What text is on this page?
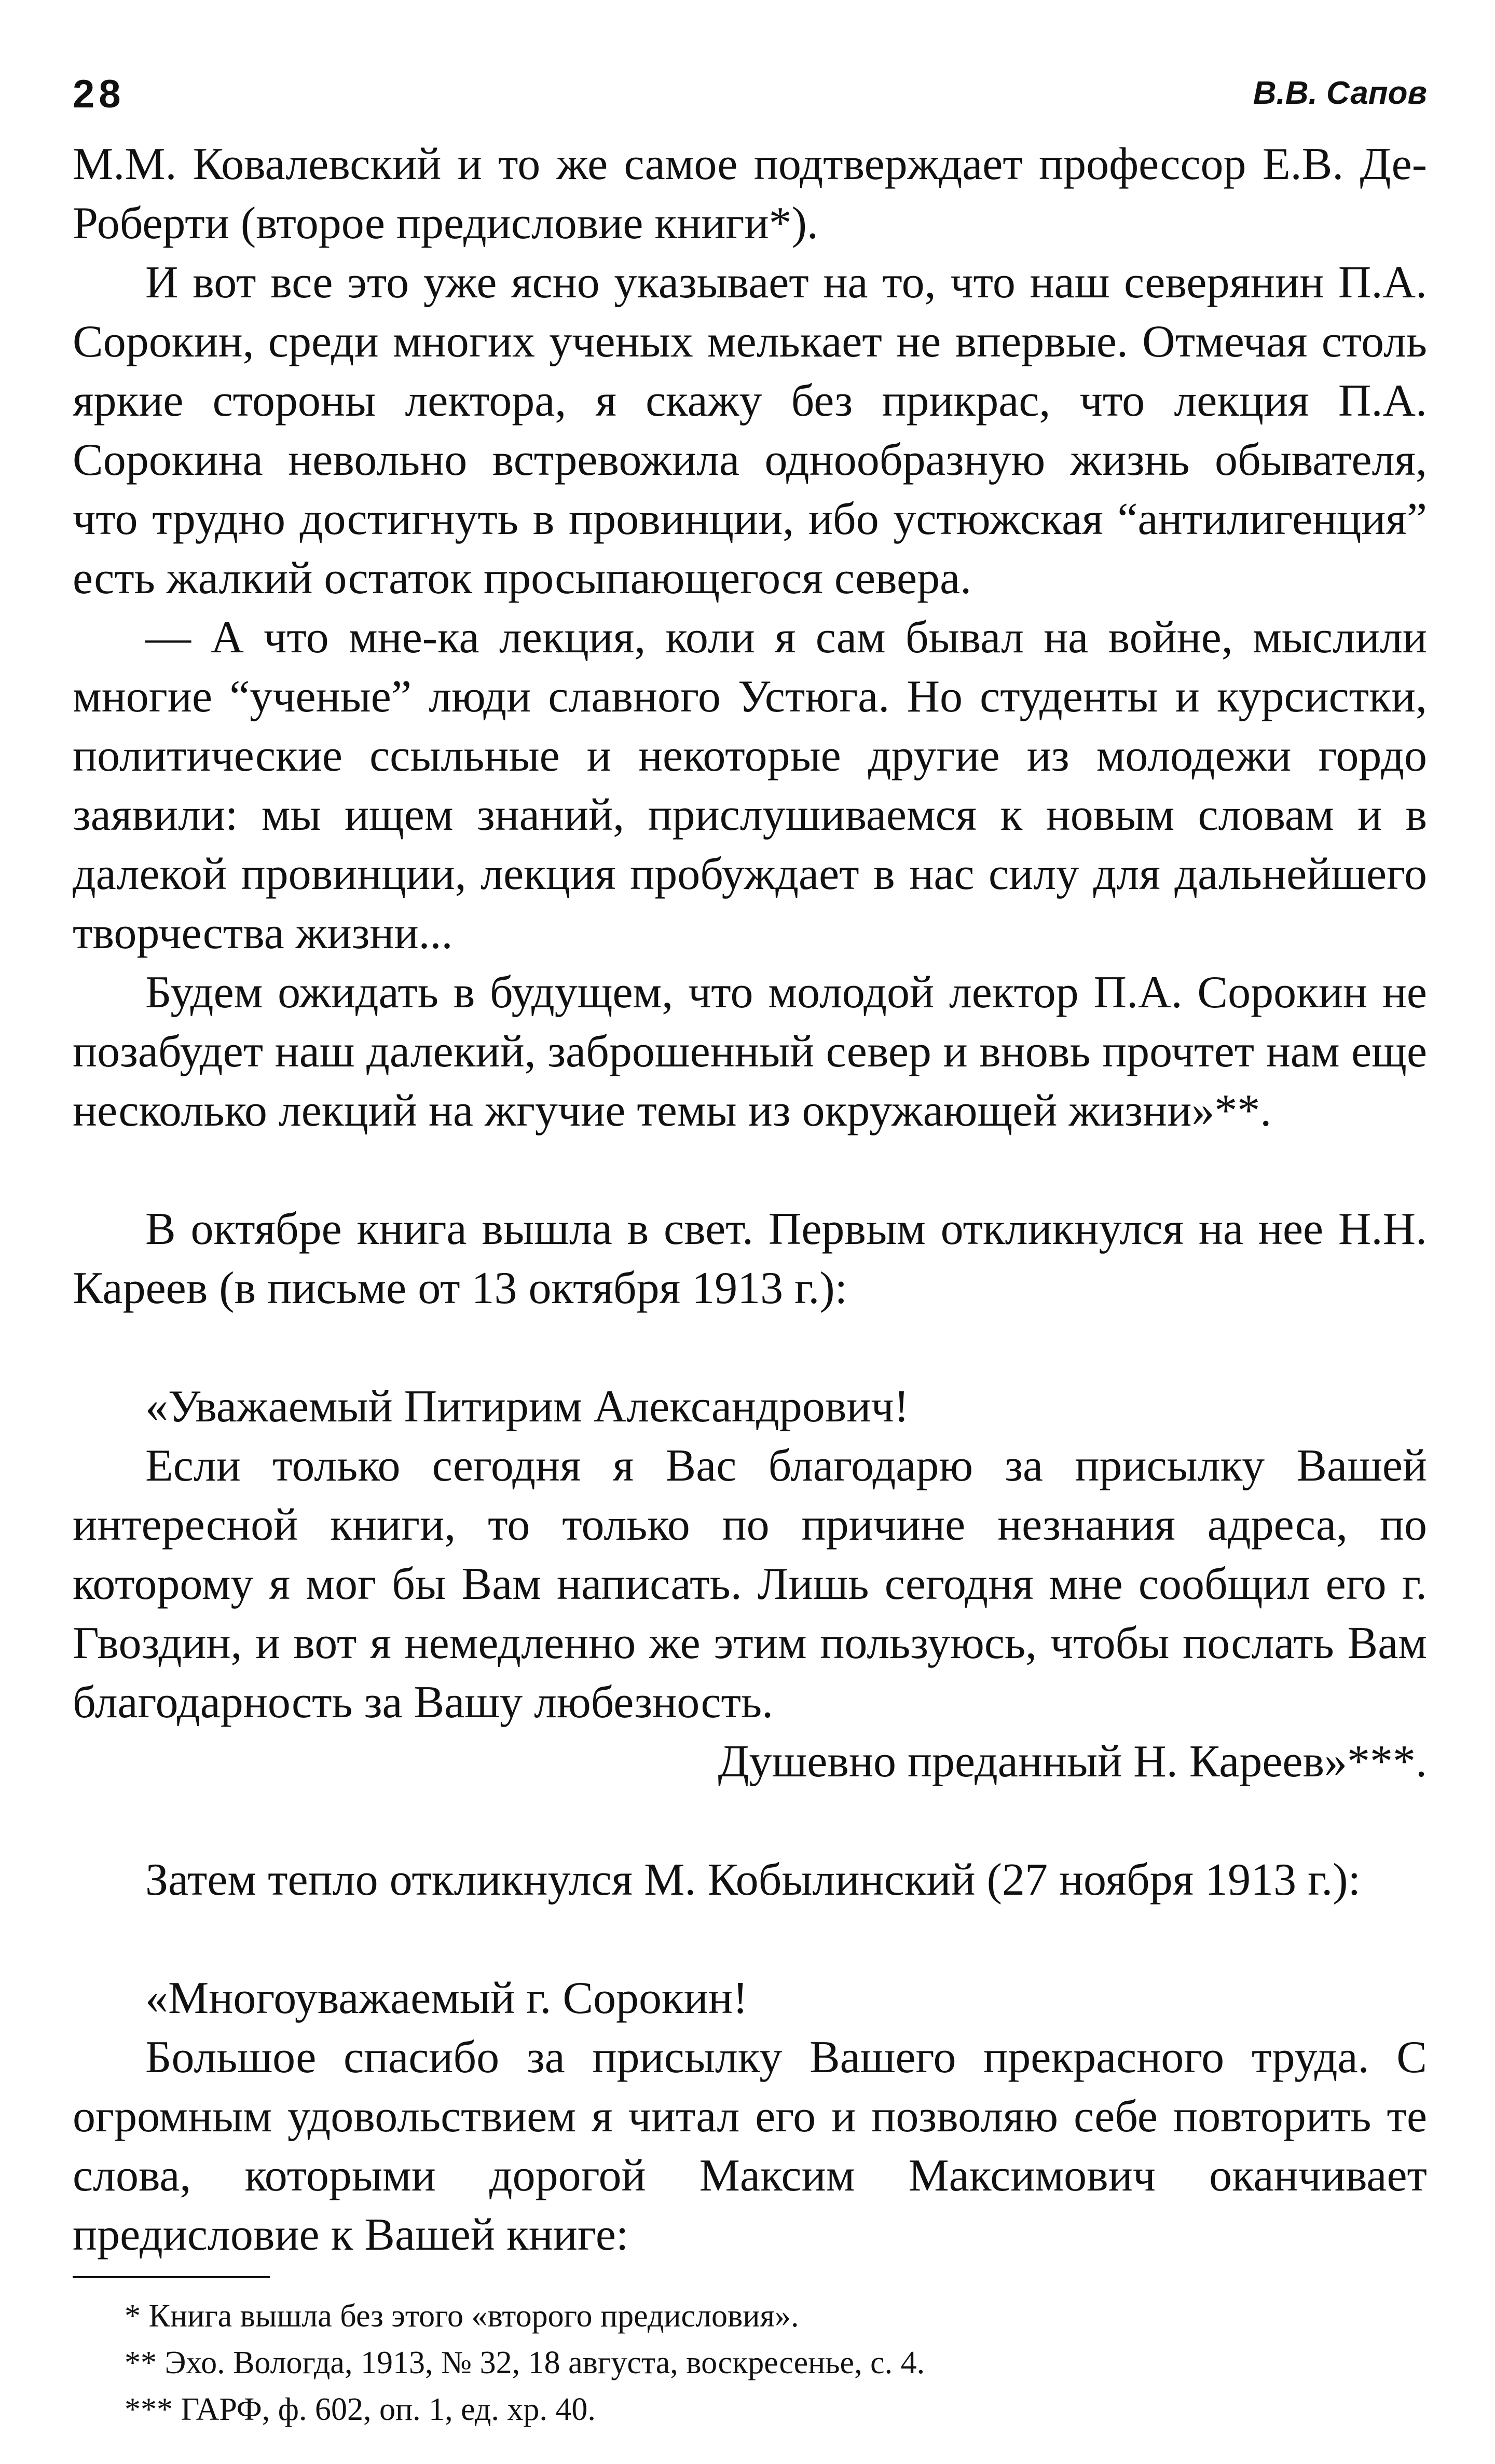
28	В.В. Сапов

М.М. Ковалевский и то же самое подтверждает профессор Е.В. Де-Роберти (второе предисловие книги*).

И вот все это уже ясно указывает на то, что наш северянин П.А. Сорокин, среди многих ученых мелькает не впервые. Отмечая столь яркие стороны лектора, я скажу без прикрас, что лекция П.А. Сорокина невольно встревожила однообразную жизнь обывателя, что трудно достигнуть в провинции, ибо устюжская “антилигенция” есть жалкий остаток просыпающегося севера.

— А что мне-ка лекция, коли я сам бывал на войне, мыслили многие “ученые” люди славного Устюга. Но студенты и курсистки, политические ссыльные и некоторые другие из молодежи гордо заявили: мы ищем знаний, прислушиваемся к новым словам и в далекой провинции, лекция пробуждает в нас силу для дальнейшего творчества жизни...

Будем ожидать в будущем, что молодой лектор П.А. Сорокин не позабудет наш далекий, заброшенный север и вновь прочтет нам еще несколько лекций на жгучие темы из окружающей жизни»**.

В октябре книга вышла в свет. Первым откликнулся на нее Н.Н. Кареев (в письме от 13 октября 1913 г.):

«Уважаемый Питирим Александрович!

Если только сегодня я Вас благодарю за присылку Вашей интересной книги, то только по причине незнания адреса, по которому я мог бы Вам написать. Лишь сегодня мне сообщил его г. Гвоздин, и вот я немедленно же этим пользуюсь, чтобы послать Вам благодарность за Вашу любезность.

Душевно преданный Н. Кареев»***.

Затем тепло откликнулся М. Кобылинский (27 ноября 1913 г.):

«Многоуважаемый г. Сорокин!

Большое спасибо за присылку Вашего прекрасного труда. С огромным удовольствием я читал его и позволяю себе повторить те слова, которыми дорогой Максим Максимович оканчивает предисловие к Вашей книге:

* Книга вышла без этого «второго предисловия».

** Эхо. Вологда, 1913, № 32, 18 августа, воскресенье, с. 4.

*** ГАРФ, ф. 602, оп. 1, ед. хр. 40.
